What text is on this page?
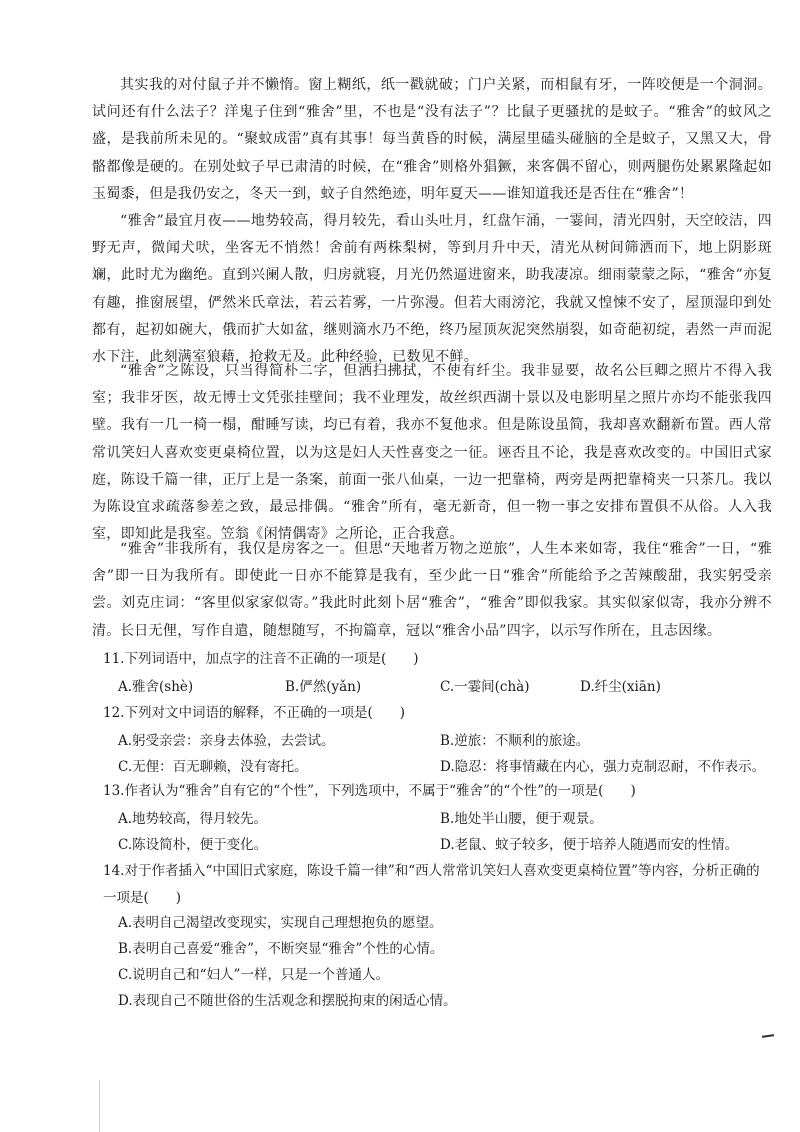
其实我的对付鼠子并不懒惰。窗上糊纸，纸一戳就破；门户关紧，而相鼠有牙，一阵咬便是一个洞洞。试问还有什么法子？洋鬼子住到“雅舍”里，不也是“没有法子”？比鼠子更骚扰的是蚊子。“雅舍”的蚊风之盛，是我前所未见的。“聚蚊成雷”真有其事！每当黄昏的时候，满屋里磕头碰脑的全是蚊子，又黑又大，骨骼都像是硬的。在别处蚊子早已肃清的时候，在“雅舍”则格外猖獗，来客偶不留心，则两腿伤处累累隆起如玉蜀黍，但是我仍安之，冬天一到，蚊子自然绝迹，明年夏天——谁知道我还是否住在“雅舍”！

“雅舍”最宜月夜——地势较高，得月较先，看山头吐月，红盘乍涌，一霎间，清光四射，天空皎洁，四野无声，微闻犬吠，坐客无不悄然！舍前有两株梨树，等到月升中天，清光从树间筛洒而下，地上阴影斑斓，此时尤为幽绝。直到兴阑人散，归房就寝，月光仍然逼进窗来，助我凄凉。细雨蒙蒙之际，“雅舍”亦复有趣，推窗展望，俨然米氏章法，若云若雾，一片弥漫。但若大雨滂沱，我就又惶悚不安了，屋顶湿印到处都有，起初如碗大，俄而扩大如盆，继则滴水乃不绝，终乃屋顶灰泥突然崩裂，如奇葩初绽，砉然一声而泥水下注，此刻满室狼藉，抢救无及。此种经验，已数见不鲜。

“雅舍”之陈设，只当得简朴二字，但洒扫拂拭，不使有纤尘。我非显要，故名公巨卿之照片不得入我室；我非牙医，故无博士文凭张挂壁间；我不业理发，故丝织西湖十景以及电影明星之照片亦均不能张我四壁。我有一几一椅一榻，酣睡写读，均已有着，我亦不复他求。但是陈设虽简，我却喜欢翻新布置。西人常常讥笑妇人喜欢变更桌椅位置，以为这是妇人天性喜变之一征。诬否且不论，我是喜欢改变的。中国旧式家庭，陈设千篇一律，正厅上是一条案，前面一张八仙桌，一边一把靠椅，两旁是两把靠椅夹一只茶几。我以为陈设宜求疏落参差之致，最忌排偶。“雅舍”所有，毫无新奇，但一物一事之安排布置俱不从俗。人入我室，即知此是我室。笠翁《闲情偶寄》之所论，正合我意。

“雅舍”非我所有，我仅是房客之一。但思“天地者万物之逆旅”，人生本来如寄，我住“雅舍”一日，“雅舍”即一日为我所有。即使此一日亦不能算是我有，至少此一日“雅舍”所能给予之苦辣酸甜，我实躬受亲尝。刘克庄词：“客里似家家似寄。”我此时此刻卜居“雅舍”，“雅舍”即似我家。其实似家似寄，我亦分辨不清。 长日无俚，写作自遣，随想随写，不拘篇章，冠以“雅舍小品”四字，以示写作所在，且志因缘。

11.下列词语中，加点字的注音不正确的一项是(　　)

A.雅舍(shè)	B.俨然(yǎn)	C.一霎间(chà)	D.纤尘(xiān)

12.下列对文中词语的解释，不正确的一项是(　　)

A.躬受亲尝：亲身去体验，去尝试。	B.逆旅：不顺利的旅途。
C.无俚：百无聊赖，没有寄托。	D.隐忍：将事情藏在内心，强力克制忍耐，不作表示。

13.作者认为“雅舍”自有它的“个性”，下列选项中，不属于“雅舍”的“个性”的一项是(　　)

A.地势较高，得月较先。	B.地处半山腰，便于观景。
C.陈设简朴，便于变化。	D.老鼠、蚊子较多，便于培养人随遇而安的性情。

14.对于作者插入“中国旧式家庭，陈设千篇一律”和“西人常常讥笑妇人喜欢变更桌椅位置”等内容，分析正确的一项是(　　)

A.表明自己渴望改变现实，实现自己理想抱负的愿望。
B.表明自己喜爱“雅舍”，不断突显“雅舍”个性的心情。
C.说明自己和“妇人”一样，只是一个普通人。
D.表现自己不随世俗的生活观念和摆脱拘束的闲适心情。
